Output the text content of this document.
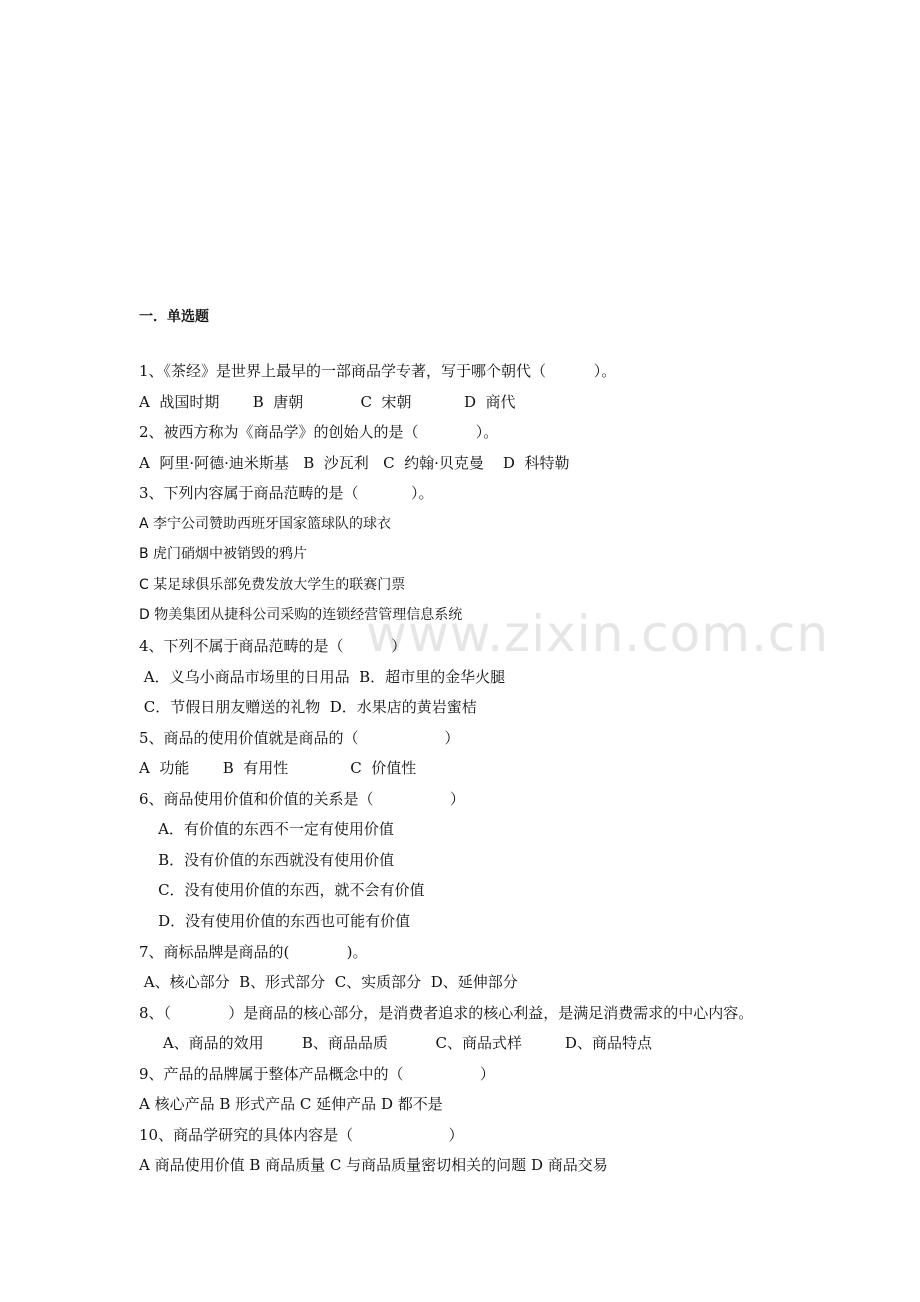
www.zixin.com.cn
一．单选题
1、《茶经》是世界上最早的一部商品学专著，写于哪个朝代（          ）。
A  战国时期       B  唐朝            C  宋朝           D  商代
2、被西方称为《商品学》的创始人的是（            ）。
A  阿里·阿德·迪米斯基   B  沙瓦利   C  约翰·贝克曼    D  科特勒
3、下列内容属于商品范畴的是（           ）。
A 李宁公司赞助西班牙国家篮球队的球衣
B 虎门硝烟中被销毁的鸦片
C 某足球俱乐部免费发放大学生的联赛门票
D 物美集团从捷科公司采购的连锁经营管理信息系统
4、下列不属于商品范畴的是（          ）
A．义乌小商品市场里的日用品  B．超市里的金华火腿
C．节假日朋友赠送的礼物  D．水果店的黄岩蜜桔
5、商品的使用价值就是商品的（                  ）
A  功能       B  有用性             C  价值性
6、商品使用价值和价值的关系是（                ）
A．有价值的东西不一定有使用价值
B．没有价值的东西就没有使用价值
C．没有使用价值的东西，就不会有价值
D．没有使用价值的东西也可能有价值
7、商标品牌是商品的(            )。
A、核心部分  B、形式部分  C、实质部分  D、延伸部分
8、（            ）是商品的核心部分，是消费者追求的核心利益，是满足消费需求的中心内容。
A、商品的效用        B、商品品质          C、商品式样         D、商品特点
9、产品的品牌属于整体产品概念中的（                ）
A 核心产品 B 形式产品 C 延伸产品 D 都不是
10、商品学研究的具体内容是（                    ）
A 商品使用价值 B 商品质量 C 与商品质量密切相关的问题 D 商品交易
